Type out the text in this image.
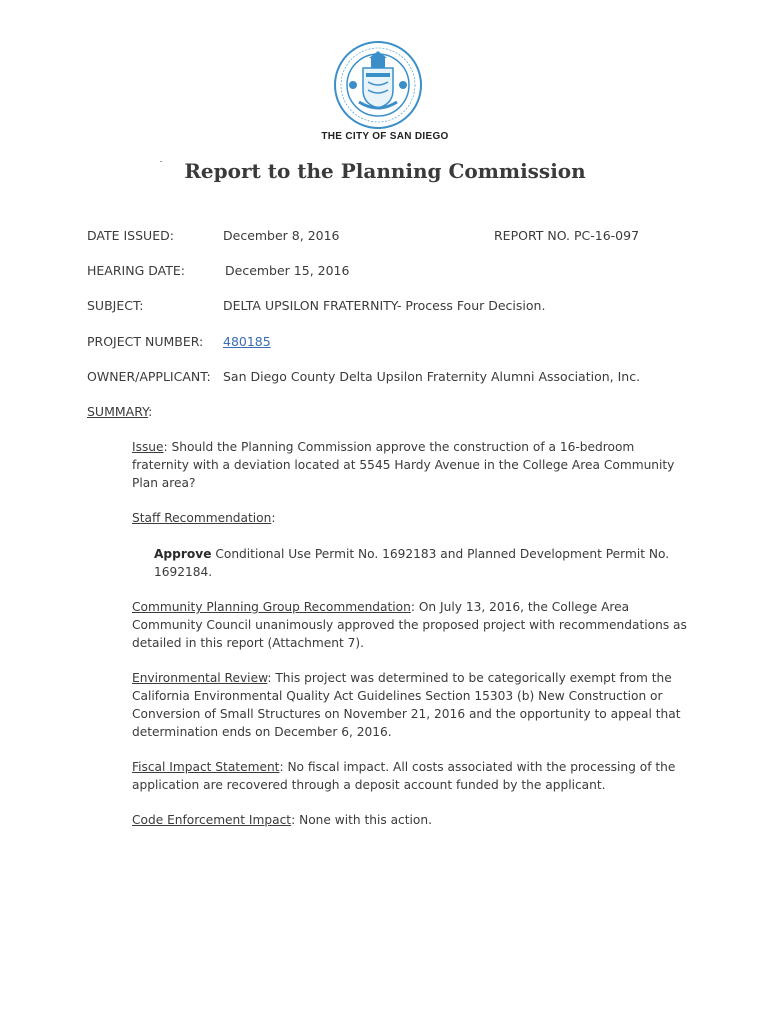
THE CITY OF SAN DIEGO
Report to the Planning Commission
DATE ISSUED:	December 8, 2016	REPORT NO. PC-16-097
HEARING DATE:	December 15, 2016
SUBJECT:	DELTA UPSILON FRATERNITY- Process Four Decision.
PROJECT NUMBER: 480185
OWNER/APPLICANT: San Diego County Delta Upsilon Fraternity Alumni Association, Inc.
SUMMARY:
Issue: Should the Planning Commission approve the construction of a 16-bedroom fraternity with a deviation located at 5545 Hardy Avenue in the College Area Community Plan area?
Staff Recommendation:
Approve Conditional Use Permit No. 1692183 and Planned Development Permit No. 1692184.
Community Planning Group Recommendation: On July 13, 2016, the College Area Community Council unanimously approved the proposed project with recommendations as detailed in this report (Attachment 7).
Environmental Review: This project was determined to be categorically exempt from the California Environmental Quality Act Guidelines Section 15303 (b) New Construction or Conversion of Small Structures on November 21, 2016 and the opportunity to appeal that determination ends on December 6, 2016.
Fiscal Impact Statement: No fiscal impact. All costs associated with the processing of the application are recovered through a deposit account funded by the applicant.
Code Enforcement Impact: None with this action.
